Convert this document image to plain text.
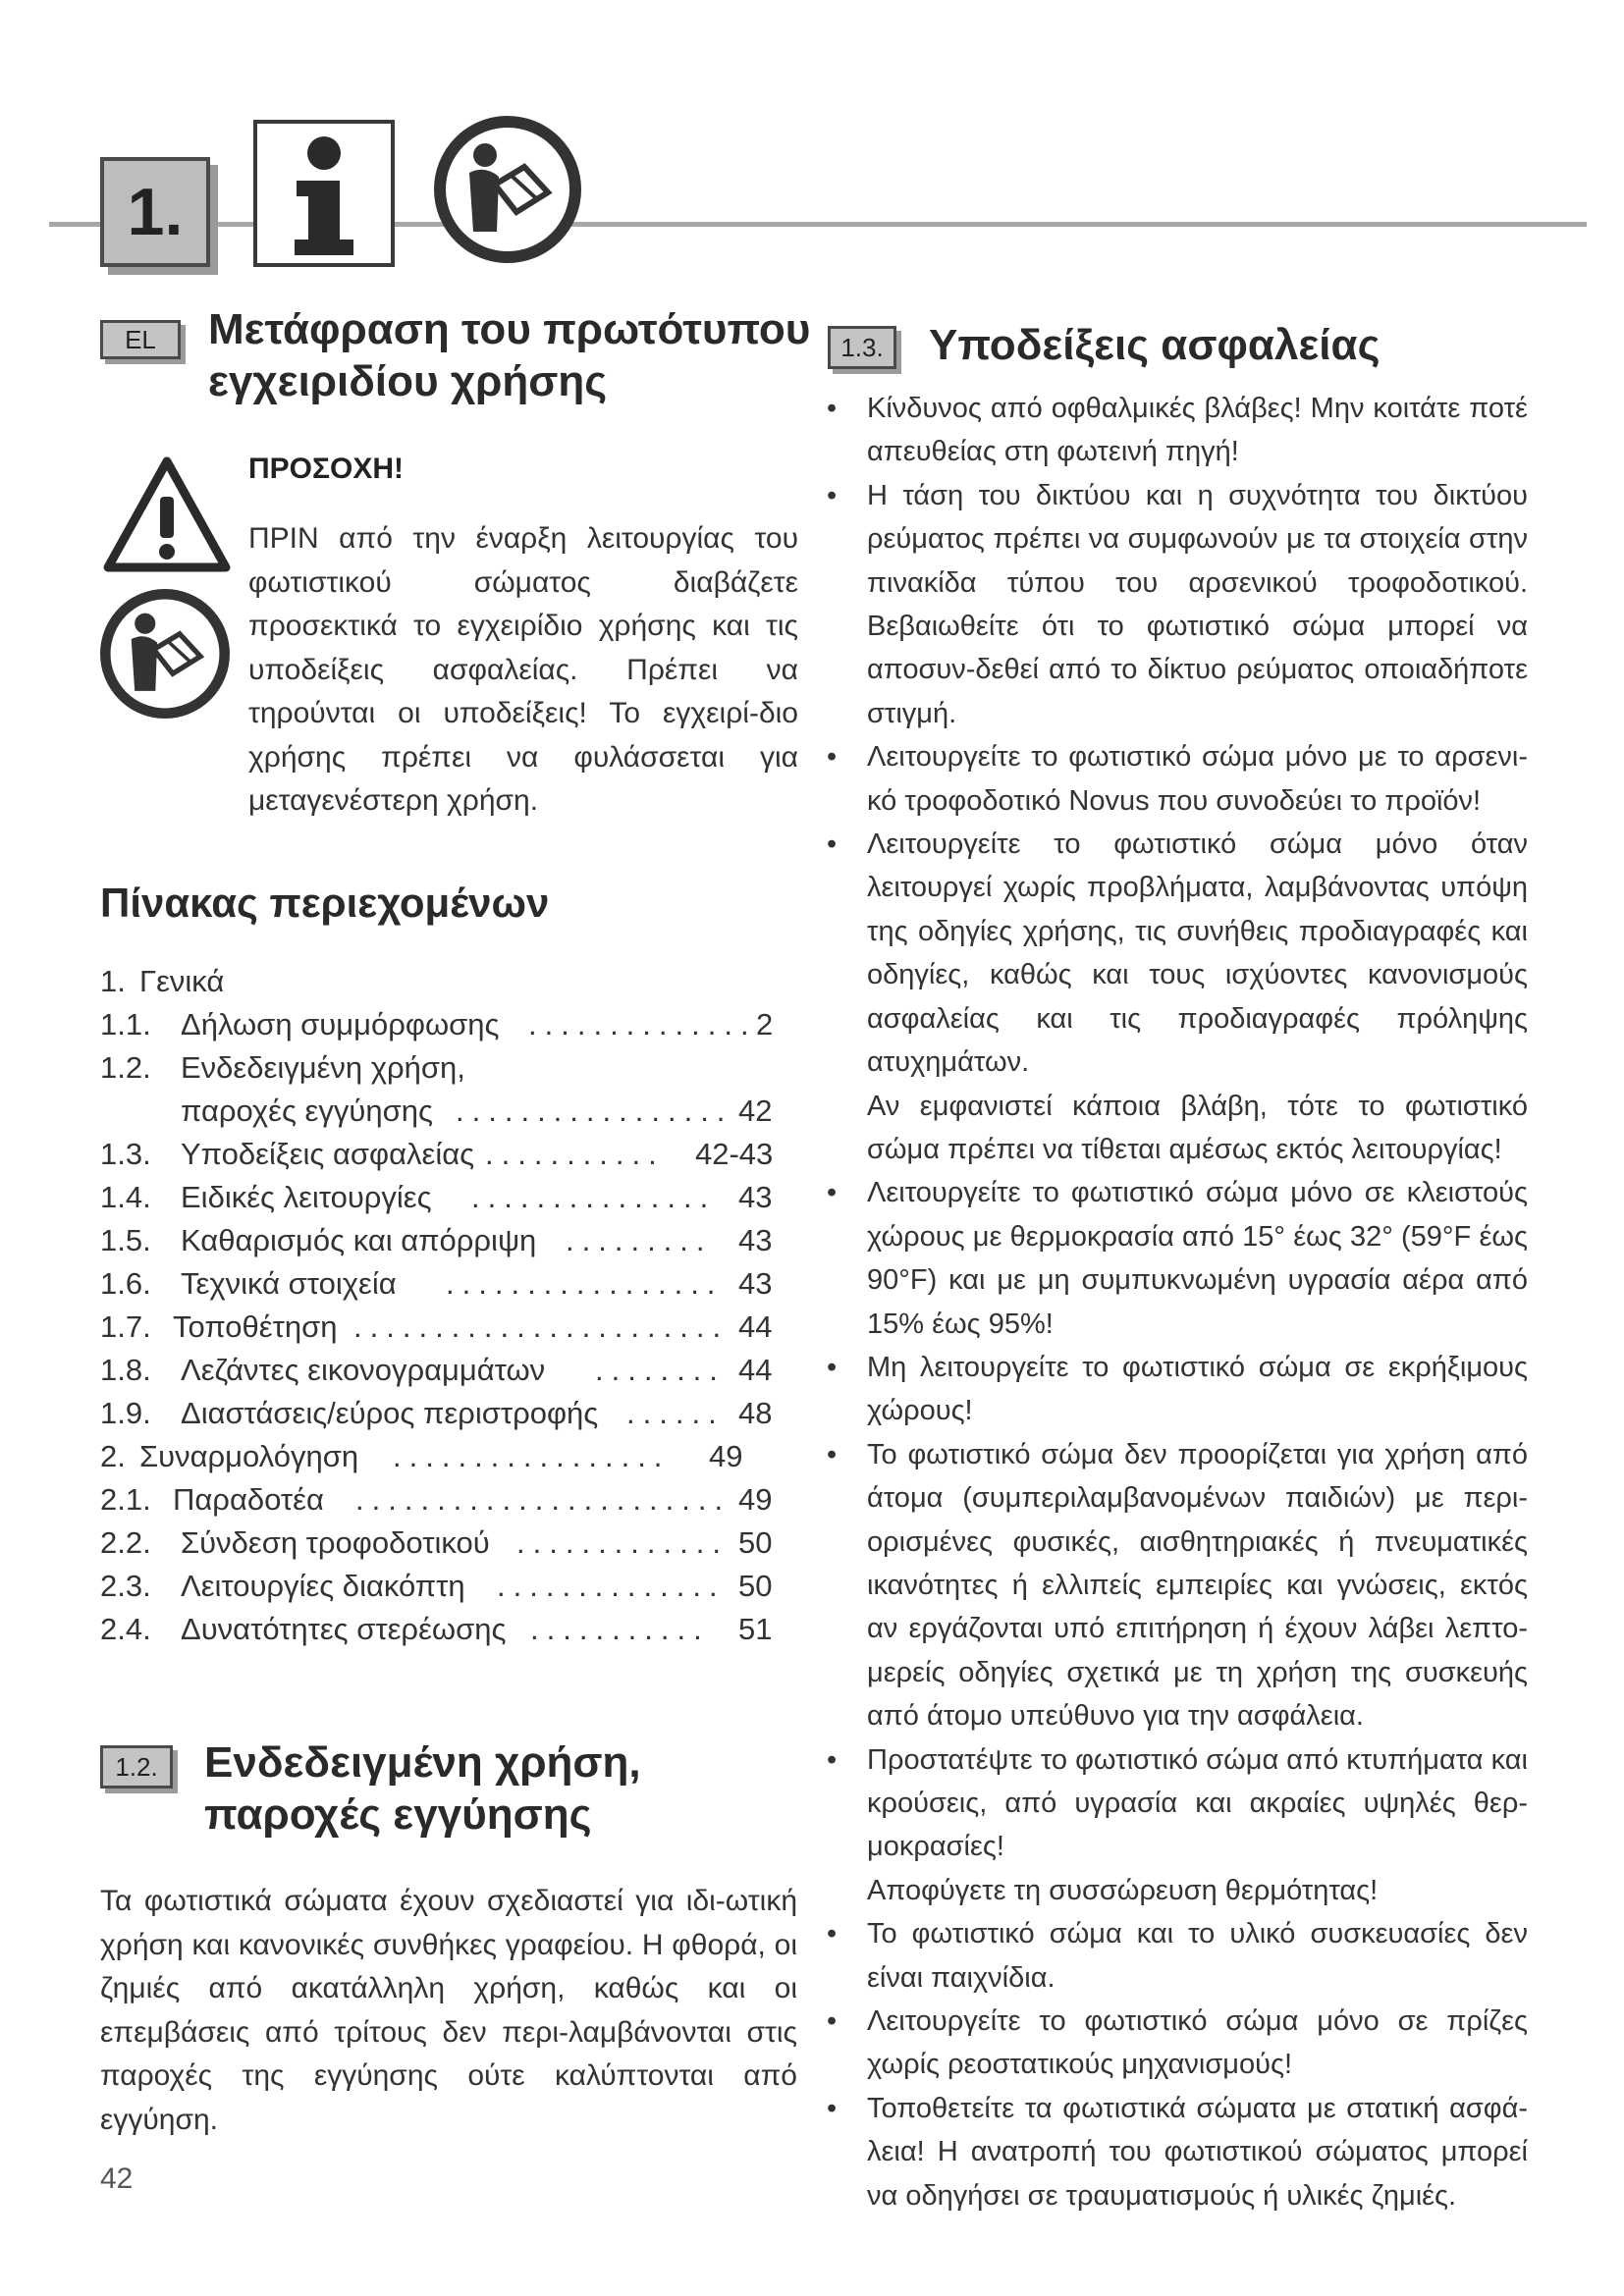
1.
EL	Μετάφραση του πρωτότυπου
εγχειριδίου χρήσης
ΠΡΟΣΟΧΗ!
ΠΡΙΝ από την έναρξη λειτουργίας του φωτιστικού σώματος διαβάζετε προσεκτικά το εγχειρίδιο χρήσης και τις υποδείξεις ασφαλείας. Πρέπει να τηρούνται οι υποδείξεις! Το εγχειρί-διο χρήσης πρέπει να φυλάσσεται για μεταγενέστερη χρήση.
Πίνακας περιεχομένων
1. Γενικά
1.1. Δήλωση συμμόρφωσης .............. 2
1.2. Ενδεδειγμένη χρήση,
παροχές εγγύησης ................. 42
1.3. Υποδείξεις ασφαλείας ........... 42-43
1.4. Ειδικές λειτουργίες ............... 43
1.5. Καθαρισμός και απόρριψη ......... 43
1.6. Τεχνικά στοιχεία ................. 43
1.7. Τοποθέτηση ....................... 44
1.8. Λεζάντες εικονογραμμάτων ........ 44
1.9. Διαστάσεις/εύρος περιστροφής ...... 48
2. Συναρμολόγηση ................. 49
2.1. Παραδοτέα ....................... 49
2.2. Σύνδεση τροφοδοτικού ............. 50
2.3. Λειτουργίες διακόπτη .............. 50
2.4. Δυνατότητες στερέωσης ........... 51
1.2.	Ενδεδειγμένη χρήση,
παροχές εγγύησης
Τα φωτιστικά σώματα έχουν σχεδιαστεί για ιδι-ωτική χρήση και κανονικές συνθήκες γραφείου. Η φθορά, οι ζημιές από ακατάλληλη χρήση, καθώς και οι επεμβάσεις από τρίτους δεν περι-λαμβάνονται στις παροχές της εγγύησης ούτε καλύπτονται από εγγύηση.
42
1.3.	Υποδείξεις ασφαλείας
• Κίνδυνος από οφθαλμικές βλάβες! Μην κοιτάτε ποτέ απευθείας στη φωτεινή πηγή!
• Η τάση του δικτύου και η συχνότητα του δικτύου ρεύματος πρέπει να συμφωνούν με τα στοιχεία στην πινακίδα τύπου του αρσενικού τροφοδοτικού. Βεβαιωθείτε ότι το φωτιστικό σώμα μπορεί να αποσυν-δεθεί από το δίκτυο ρεύματος οποιαδήποτε στιγμή.
• Λειτουργείτε το φωτιστικό σώμα μόνο με το αρσενι-κό τροφοδοτικό Novus που συνοδεύει το προϊόν!
• Λειτουργείτε το φωτιστικό σώμα μόνο όταν λειτουργεί χωρίς προβλήματα, λαμβάνοντας υπόψη της οδηγίες χρήσης, τις συνήθεις προδιαγραφές και οδηγίες, καθώς και τους ισχύοντες κανονισμούς ασφαλείας και τις προδιαγραφές πρόληψης ατυχημάτων.
Αν εμφανιστεί κάποια βλάβη, τότε το φωτιστικό σώμα πρέπει να τίθεται αμέσως εκτός λειτουργίας!
• Λειτουργείτε το φωτιστικό σώμα μόνο σε κλειστούς χώρους με θερμοκρασία από 15° έως 32° (59°F έως 90°F) και με μη συμπυκνωμένη υγρασία αέρα από 15% έως 95%!
• Μη λειτουργείτε το φωτιστικό σώμα σε εκρήξιμους χώρους!
• Το φωτιστικό σώμα δεν προορίζεται για χρήση από άτομα (συμπεριλαμβανομένων παιδιών) με περι-ορισμένες φυσικές, αισθητηριακές ή πνευματικές ικανότητες ή ελλιπείς εμπειρίες και γνώσεις, εκτός αν εργάζονται υπό επιτήρηση ή έχουν λάβει λεπτο-μερείς οδηγίες σχετικά με τη χρήση της συσκευής από άτομο υπεύθυνο για την ασφάλεια.
• Προστατέψτε το φωτιστικό σώμα από κτυπήματα και κρούσεις, από υγρασία και ακραίες υψηλές θερ-μοκρασίες!
Αποφύγετε τη συσσώρευση θερμότητας!
• Το φωτιστικό σώμα και το υλικό συσκευασίες δεν είναι παιχνίδια.
• Λειτουργείτε το φωτιστικό σώμα μόνο σε πρίζες χωρίς ρεοστατικούς μηχανισμούς!
• Τοποθετείτε τα φωτιστικά σώματα με στατική ασφά-λεια! Η ανατροπή του φωτιστικού σώματος μπορεί να οδηγήσει σε τραυματισμούς ή υλικές ζημιές.
